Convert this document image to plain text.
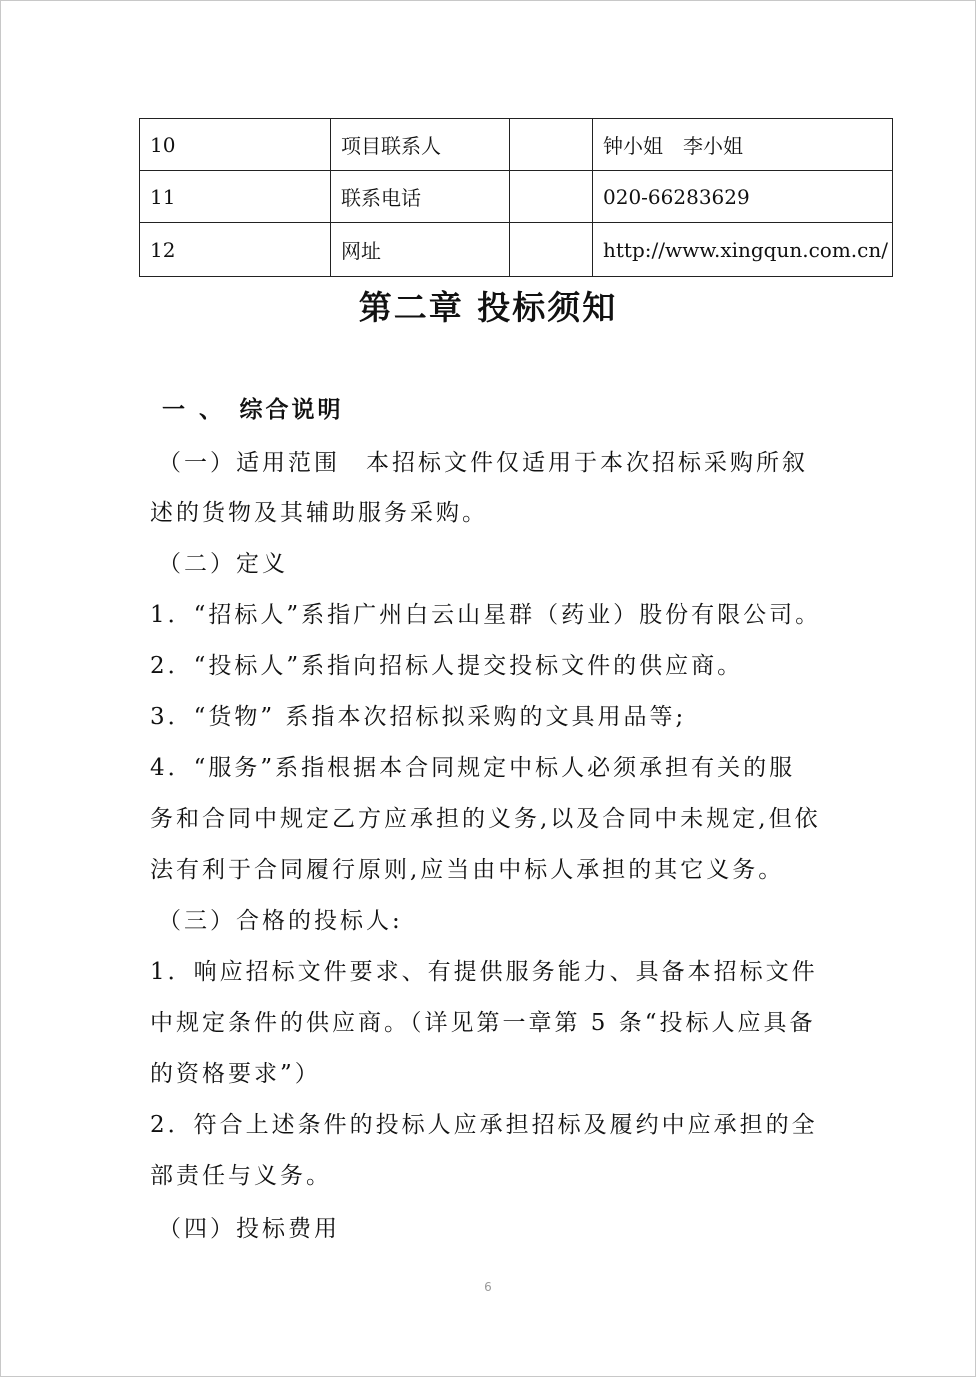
10	项目联系人		钟小姐　李小姐
11	联系电话		020-66283629
12	网址		http://www.xingqun.com.cn/
第二章 投标须知
一 、　综合说明
（一）适用范围　本招标文件仅适用于本次招标采购所叙
述的货物及其辅助服务采购。
（二）定义
1．“招标人”系指广州白云山星群（药业）股份有限公司。
2．“投标人”系指向招标人提交投标文件的供应商。
3．“货物” 系指本次招标拟采购的文具用品等;
4．“服务”系指根据本合同规定中标人必须承担有关的服
务和合同中规定乙方应承担的义务,以及合同中未规定,但依
法有利于合同履行原则,应当由中标人承担的其它义务。
（三）合格的投标人:
1．响应招标文件要求、有提供服务能力、具备本招标文件
中规定条件的供应商。（详见第一章第 5 条“投标人应具备
的资格要求”）
2．符合上述条件的投标人应承担招标及履约中应承担的全
部责任与义务。
（四）投标费用
6
